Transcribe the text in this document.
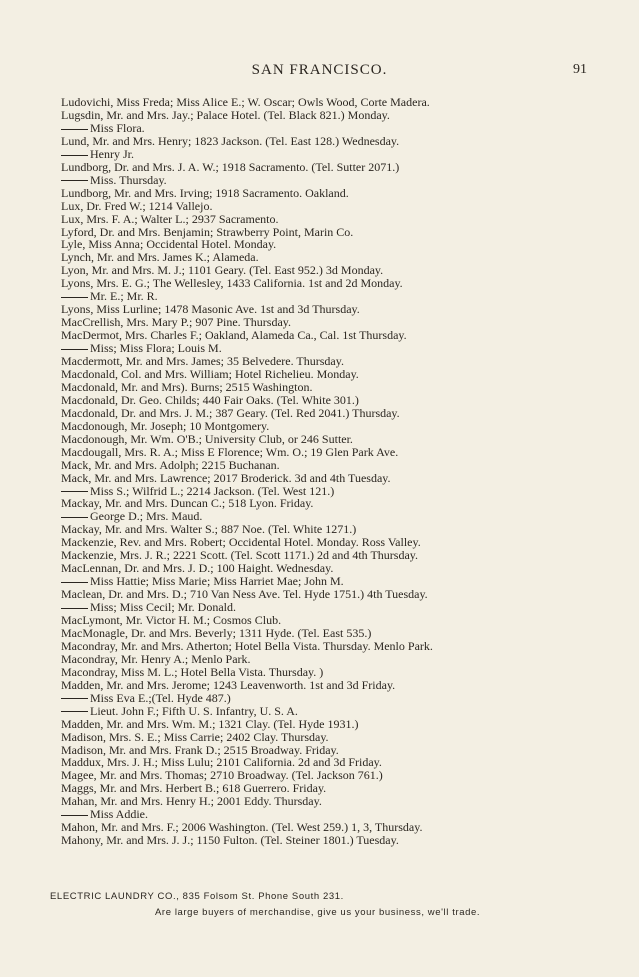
SAN FRANCISCO.	91
Ludovichi, Miss Freda; Miss Alice E.; W. Oscar; Owls Wood, Corte Madera.
Lugsdin, Mr. and Mrs. Jay.; Palace Hotel. (Tel. Black 821.) Monday.
Miss Flora.
Lund, Mr. and Mrs. Henry; 1823 Jackson. (Tel. East 128.) Wednesday.
Henry Jr.
Lundborg, Dr. and Mrs. J. A. W.; 1918 Sacramento. (Tel. Sutter 2071.)
Miss. Thursday.
Lundborg, Mr. and Mrs. Irving; 1918 Sacramento. Oakland.
Lux, Dr. Fred W.; 1214 Vallejo.
Lux, Mrs. F. A.; Walter L.; 2937 Sacramento.
Lyford, Dr. and Mrs. Benjamin; Strawberry Point, Marin Co.
Lyle, Miss Anna; Occidental Hotel. Monday.
Lynch, Mr. and Mrs. James K.; Alameda.
Lyon, Mr. and Mrs. M. J.; 1101 Geary. (Tel. East 952.) 3d Monday.
Lyons, Mrs. E. G.; The Wellesley, 1433 California. 1st and 2d Monday.
Mr. E.; Mr. R.
Lyons, Miss Lurline; 1478 Masonic Ave. 1st and 3d Thursday.
MacCrellish, Mrs. Mary P.; 907 Pine. Thursday.
MacDermot, Mrs. Charles F.; Oakland, Alameda Ca., Cal. 1st Thursday.
Miss; Miss Flora; Louis M.
Macdermott, Mr. and Mrs. James; 35 Belvedere. Thursday.
Macdonald, Col. and Mrs. William; Hotel Richelieu. Monday.
Macdonald, Mr. and Mrs). Burns; 2515 Washington.
Macdonald, Dr. Geo. Childs; 440 Fair Oaks. (Tel. White 301.)
Macdonald, Dr. and Mrs. J. M.; 387 Geary. (Tel. Red 2041.) Thursday.
Macdonough, Mr. Joseph; 10 Montgomery.
Macdonough, Mr. Wm. O'B.; University Club, or 246 Sutter.
Macdougall, Mrs. R. A.; Miss E Florence; Wm. O.; 19 Glen Park Ave.
Mack, Mr. and Mrs. Adolph; 2215 Buchanan.
Mack, Mr. and Mrs. Lawrence; 2017 Broderick. 3d and 4th Tuesday.
Miss S.; Wilfrid L.; 2214 Jackson. (Tel. West 121.)
Mackay, Mr. and Mrs. Duncan C.; 518 Lyon. Friday.
George D.; Mrs. Maud.
Mackay, Mr. and Mrs. Walter S.; 887 Noe. (Tel. White 1271.)
Mackenzie, Rev. and Mrs. Robert; Occidental Hotel. Monday. Ross Valley.
Mackenzie, Mrs. J. R.; 2221 Scott. (Tel. Scott 1171.) 2d and 4th Thursday.
MacLennan, Dr. and Mrs. J. D.; 100 Haight. Wednesday.
Miss Hattie; Miss Marie; Miss Harriet Mae; John M.
Maclean, Dr. and Mrs. D.; 710 Van Ness Ave. Tel. Hyde 1751.) 4th Tuesday.
Miss; Miss Cecil; Mr. Donald.
MacLymont, Mr. Victor H. M.; Cosmos Club.
MacMonagle, Dr. and Mrs. Beverly; 1311 Hyde. (Tel. East 535.)
Macondray, Mr. and Mrs. Atherton; Hotel Bella Vista. Thursday. Menlo Park.
Macondray, Mr. Henry A.; Menlo Park.
Macondray, Miss M. L.; Hotel Bella Vista. Thursday. )
Madden, Mr. and Mrs. Jerome; 1243 Leavenworth. 1st and 3d Friday.
Miss Eva E.;(Tel. Hyde 487.)
Lieut. John F.; Fifth U. S. Infantry, U. S. A.
Madden, Mr. and Mrs. Wm. M.; 1321 Clay. (Tel. Hyde 1931.)
Madison, Mrs. S. E.; Miss Carrie; 2402 Clay. Thursday.
Madison, Mr. and Mrs. Frank D.; 2515 Broadway. Friday.
Maddux, Mrs. J. H.; Miss Lulu; 2101 California. 2d and 3d Friday.
Magee, Mr. and Mrs. Thomas; 2710 Broadway. (Tel. Jackson 761.)
Maggs, Mr. and Mrs. Herbert B.; 618 Guerrero. Friday.
Mahan, Mr. and Mrs. Henry H.; 2001 Eddy. Thursday.
Miss Addie.
Mahon, Mr. and Mrs. F.; 2006 Washington. (Tel. West 259.) 1, 3, Thursday.
Mahony, Mr. and Mrs. J. J.; 1150 Fulton. (Tel. Steiner 1801.) Tuesday.
ELECTRIC LAUNDRY CO., 835 Folsom St. Phone South 231.
Are large buyers of merchandise, give us your business, we'll trade.
